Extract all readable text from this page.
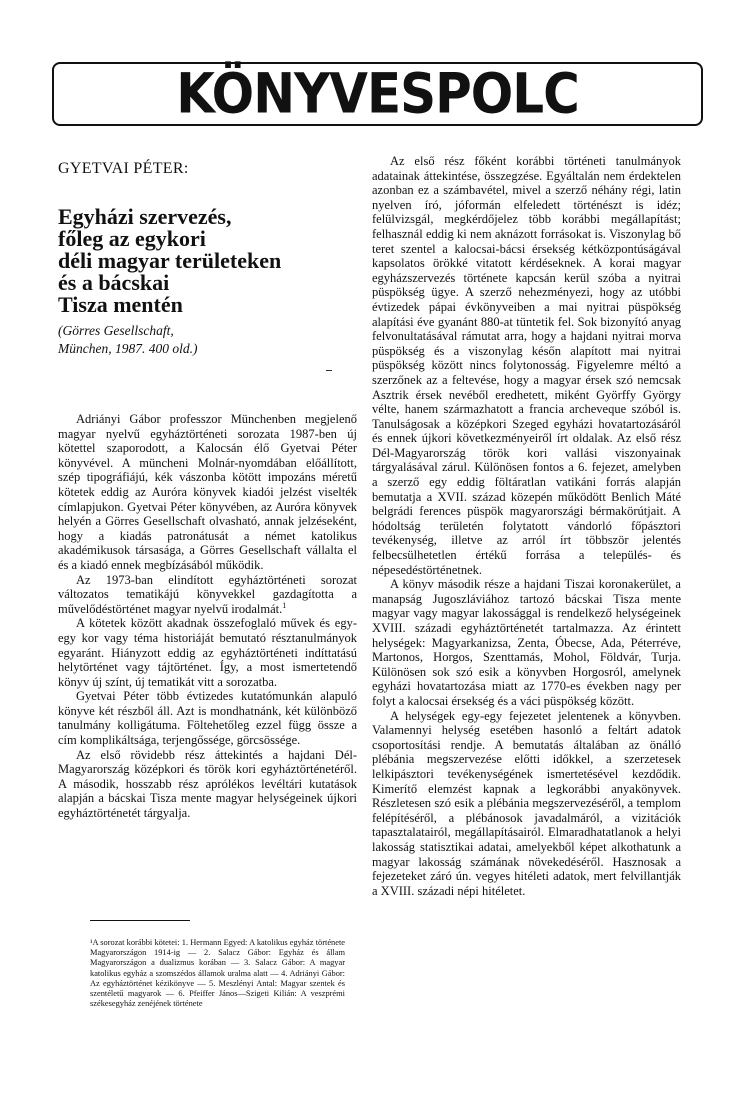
KÖNYVESPOLC
GYETVAI PÉTER:
Egyházi szervezés,
főleg az egykori
déli magyar területeken
és a bácskai
Tisza mentén
(Görres Gesellschaft,
München, 1987. 400 old.)

Adriányi Gábor professzor Münchenben megjelenő magyar nyelvű egyháztörténeti sorozata 1987-ben új kötettel szaporodott, a Kalocsán élő Gyetvai Péter könyvével. A müncheni Molnár-nyomdában előállított, szép tipográfiájú, kék vászonba kötött impozáns méretű kötetek eddig az Auróra könyvek kiadói jelzést viselték címlapjukon. Gyetvai Péter könyvében, az Auróra könyvek helyén a Görres Gesellschaft olvasható, annak jelzéseként, hogy a kiadás patronátusát a német katolikus akadémikusok társasága, a Görres Gesellschaft vállalta el és a kiadó ennek megbízásából működik.

Az 1973-ban elindított egyháztörténeti sorozat változatos tematikájú könyvekkel gazdagította a művelődéstörténet magyar nyelvű irodalmát.$^1$

A kötetek között akadnak összefoglaló művek és egy-egy kor vagy téma historiáját bemutató résztanulmányok egyaránt. Hiányzott eddig az egyháztörténeti indíttatású helytörténet vagy tájtörténet. Így, a most ismertetendő könyv új színt, új tematikát vitt a sorozatba.

Gyetvai Péter több évtizedes kutatómunkán alapuló könyve két részből áll. Azt is mondhatnánk, két különböző tanulmány kolligátuma. Föltehetőleg ezzel függ össze a cím komplikáltsága, terjengőssége, görcsössége.

Az első rövidebb rész áttekintés a hajdani Dél-Magyarország középkori és török kori egyháztörténetéről. A második, hosszabb rész aprólékos levéltári kutatások alapján a bácskai Tisza mente magyar helységeinek újkori egyháztörténetét tárgyalja.

¹A sorozat korábbi kötetei: 1. Hermann Egyed: A katolikus egyház története Magyarországon 1914-ig — 2. Salacz Gábor: Egyház és állam Magyarországon a dualizmus korában — 3. Salacz Gábor: A magyar katolikus egyház a szomszédos államok uralma alatt — 4. Adriányi Gábor: Az egyháztörténet kézikönyve — 5. Meszlényi Antal: Magyar szentek és szentéletű magyarok — 6. Pfeiffer János—Szigeti Kilián: A veszprémi székesegyház zenéjének története

Az első rész főként korábbi történeti tanulmányok adatainak áttekintése, összegzése. Egyáltalán nem érdektelen azonban ez a számbavétel, mivel a szerző néhány régi, latin nyelven író, jóformán elfeledett történészt is idéz; felülvizsgál, megkérdőjelez több korábbi megállapítást; felhasznál eddig ki nem aknázott forrásokat is. Viszonylag bő teret szentel a kalocsai-bácsi érsekség kétközpontúságával kapsolatos örökké vitatott kérdéseknek. A korai magyar egyházszervezés története kapcsán kerül szóba a nyitrai püspökség ügye. A szerző nehezményezi, hogy az utóbbi évtizedek pápai évkönyveiben a mai nyitrai püspökség alapítási éve gyanánt 880-at tüntetik fel. Sok bizonyító anyag felvonultatásával rámutat arra, hogy a hajdani nyitrai morva püspökség és a viszonylag későn alapított mai nyitrai püspökség között nincs folytonosság. Figyelemre méltó a szerzőnek az a feltevése, hogy a magyar érsek szó nemcsak Asztrik érsek nevéből eredhetett, miként Györffy György vélte, hanem származhatott a francia archeveque szóból is. Tanulságosak a középkori Szeged egyházi hovatartozásáról és ennek újkori következményeiről írt oldalak. Az első rész Dél-Magyarország török kori vallási viszonyainak tárgyalásával zárul. Különösen fontos a 6. fejezet, amelyben a szerző egy eddig föltáratlan vatikáni forrás alapján bemutatja a XVII. század közepén működött Benlich Máté belgrádi ferences püspök magyarországi bérmakörútjait. A hódoltság területén folytatott vándorló főpásztori tevékenység, illetve az arról írt többször jelentés felbecsülhetetlen értékű forrása a település- és népesedéstörténetnek.

A könyv második része a hajdani Tiszai koronakerület, a manapság Jugoszláviához tartozó bácskai Tisza mente magyar vagy magyar lakossággal is rendelkező helységeinek XVIII. századi egyháztörténetét tartalmazza. Az érintett helységek: Magyarkanizsa, Zenta, Óbecse, Ada, Péterréve, Martonos, Horgos, Szenttamás, Mohol, Földvár, Turja. Különösen sok szó esik a könyvben Horgosról, amelynek egyházi hovatartozása miatt az 1770-es években nagy per folyt a kalocsai érsekség és a váci püspökség között.

A helységek egy-egy fejezetet jelentenek a könyvben. Valamennyi helység esetében hasonló a feltárt adatok csoportosítási rendje. A bemutatás általában az önálló plébánia megszervezése előtti időkkel, a szerzetesek lelkipásztori tevékenységének ismertetésével kezdődik. Kimerítő elemzést kapnak a legkorábbi anyakönyvek. Részletesen szó esik a plébánia megszervezéséről, a templom felépítéséről, a plébánosok javadalmáról, a vizitációk tapasztalatairól, megállapításairól. Elmaradhatatlanok a helyi lakosság statisztikai adatai, amelyekből képet alkothatunk a magyar lakosság számának növekedéséről. Hasznosak a fejezeteket záró ún. vegyes hitéleti adatok, mert felvillantják a XVIII. századi népi hitéletet.
